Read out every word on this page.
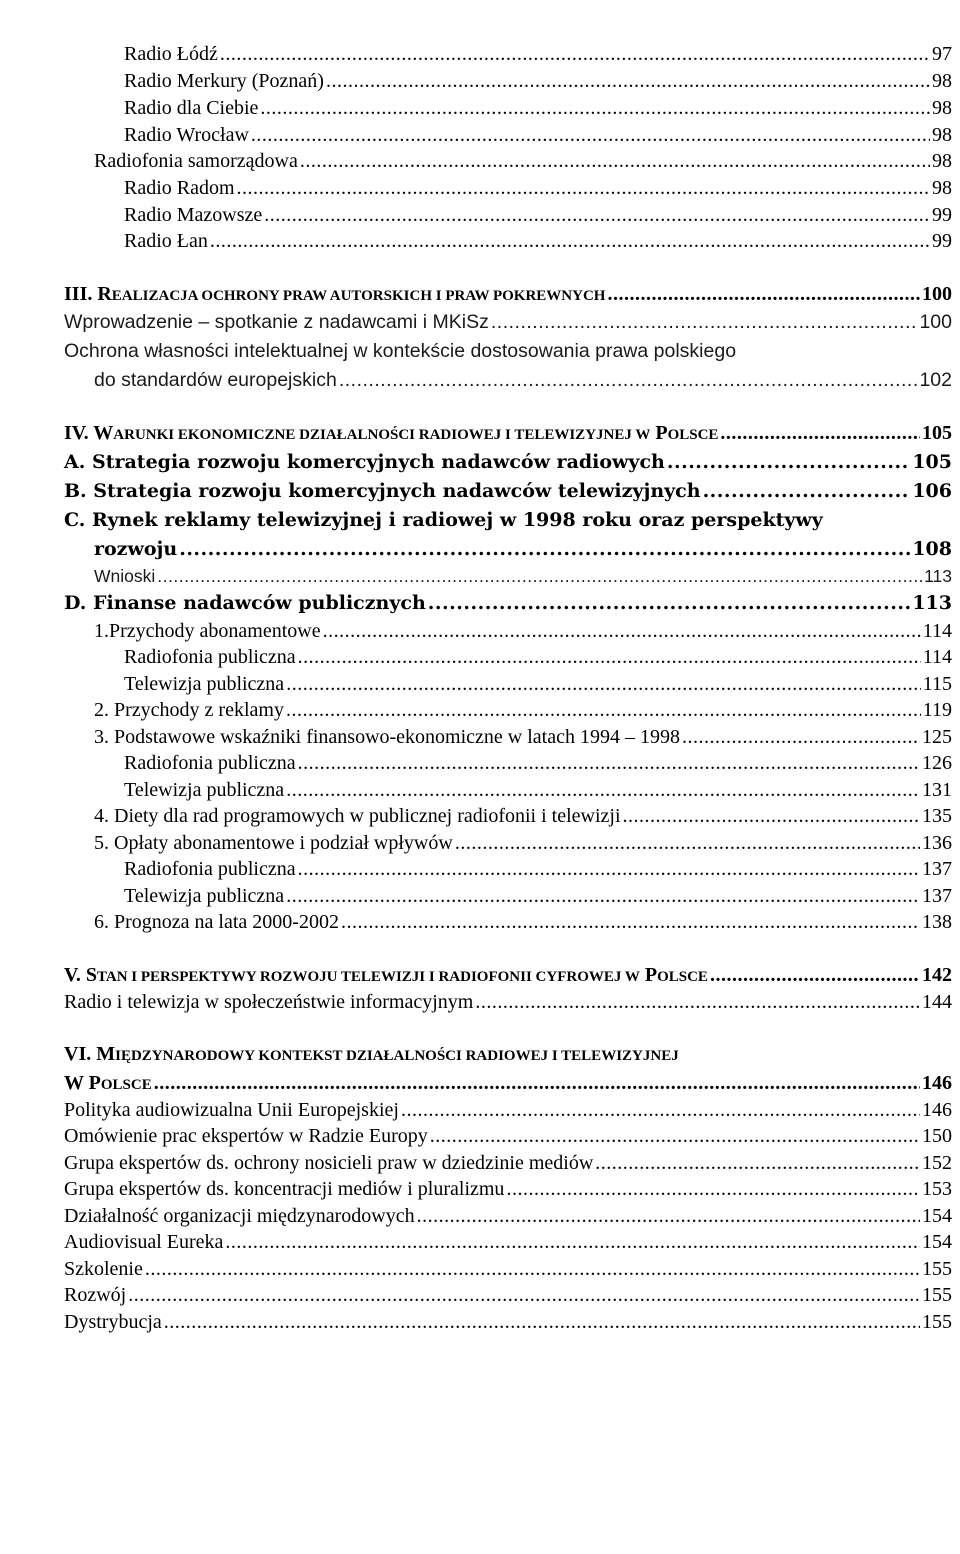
Radio Łódź .....	97
Radio Merkury (Poznań) .....	98
Radio dla Ciebie .....	98
Radio Wrocław .....	98
Radiofonia samorządowa .....	98
Radio Radom .....	98
Radio Mazowsze .....	99
Radio Łan .....	99
III. REALIZACJA OCHRONY PRAW AUTORSKICH I PRAW POKREWNYCH .....	100
Wprowadzenie – spotkanie z nadawcami i MKiSz .....	100
Ochrona własności intelektualnej w kontekście dostosowania prawa polskiego
do standardów europejskich .....	102
IV. WARUNKI EKONOMICZNE DZIAŁALNOŚCI RADIOWEJ I TELEWIZYJNEJ W POLSCE .....	105
A. Strategia rozwoju komercyjnych nadawców radiowych .....	105
B. Strategia rozwoju komercyjnych nadawców telewizyjnych .....	106
C. Rynek reklamy telewizyjnej i radiowej w 1998 roku oraz perspektywy
rozwoju .....	108
Wnioski .....	113
D. Finanse nadawców publicznych .....	113
1.Przychody abonamentowe .....	114
Radiofonia publiczna .....	114
Telewizja publiczna .....	115
2. Przychody z reklamy .....	119
3. Podstawowe wskaźniki finansowo-ekonomiczne w latach 1994 – 1998 .....	125
Radiofonia publiczna .....	126
Telewizja publiczna .....	131
4. Diety dla rad programowych w publicznej radiofonii i telewizji .....	135
5. Opłaty abonamentowe i podział wpływów .....	136
Radiofonia publiczna .....	137
Telewizja publiczna .....	137
6. Prognoza na lata 2000-2002 .....	138
V. STAN I PERSPEKTYWY ROZWOJU TELEWIZJI I RADIOFONII CYFROWEJ W POLSCE .....	142
Radio i telewizja w społeczeństwie informacyjnym .....	144
VI. MIĘDZYNARODOWY KONTEKST DZIAŁALNOŚCI RADIOWEJ I TELEWIZYJNEJ
W POLSCE .....	146
Polityka audiowizualna Unii Europejskiej .....	146
Omówienie prac ekspertów w Radzie Europy .....	150
Grupa ekspertów ds. ochrony nosicieli praw w dziedzinie mediów .....	152
Grupa ekspertów ds. koncentracji mediów i pluralizmu .....	153
Działalność organizacji międzynarodowych .....	154
Audiovisual Eureka .....	154
Szkolenie .....	155
Rozwój .....	155
Dystrybucja .....	155
